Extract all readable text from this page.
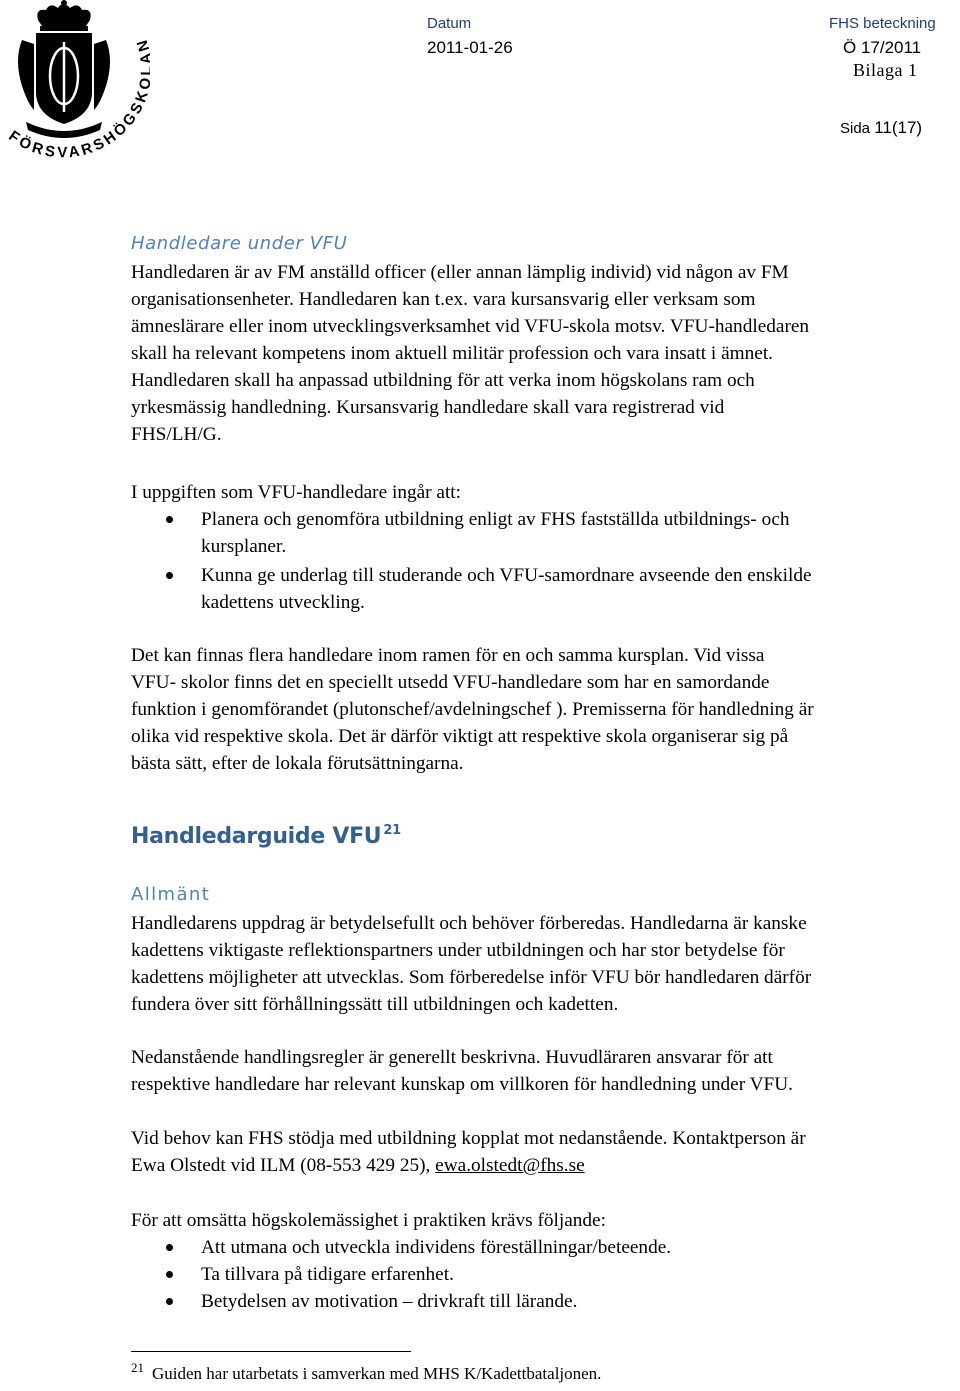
FÖRSVARSHÖGS
Datum
2011-01-26
FHS beteckning
Ö 17/2011
Bilaga 1
Sida 11(17)
Handledare under VFU
Handledaren är av FM anställd officer (eller annan lämplig individ) vid någon av FM
organisationsenheter. Handledaren kan t.ex. vara kursansvarig eller verksam som
ämneslärare eller inom utvecklingsverksamhet vid VFU-skola motsv. VFU-handledaren
skall ha relevant kompetens inom aktuell militär profession och vara insatt i ämnet.
Handledaren skall ha anpassad utbildning för att verka inom högskolans ram och
yrkesmässig handledning. Kursansvarig handledare skall vara registrerad vid
FHS/LH/G.
I uppgiften som VFU-handledare ingår att:
Planera och genomföra utbildning enligt av FHS fastställda utbildnings- och
kursplaner.
Kunna ge underlag till studerande och VFU-samordnare avseende den enskilde
kadettens utveckling.
Det kan finnas flera handledare inom ramen för en och samma kursplan. Vid vissa
VFU- skolor finns det en speciellt utsedd VFU-handledare som har en samordande
funktion i genomförandet (plutonschef/avdelningschef ). Premisserna för handledning är
olika vid respektive skola. Det är därför viktigt att respektive skola organiserar sig på
bästa sätt, efter de lokala förutsättningarna.
Handledarguide VFU $^{21}$
Allmänt
Handledarens uppdrag är betydelsefullt och behöver förberedas. Handledarna är kanske
kadettens viktigaste reflektionspartners under utbildningen och har stor betydelse för
kadettens möjligheter att utvecklas. Som förberedelse inför VFU bör handledaren därför
fundera över sitt förhållningssätt till utbildningen och kadetten.
Nedanstående handlingsregler är generellt beskrivna. Huvudläraren ansvarar för att
respektive handledare har relevant kunskap om villkoren för handledning under VFU.
Vid behov kan FHS stödja med utbildning kopplat mot nedanstående. Kontaktperson är
Ewa Olstedt vid ILM (08-553 429 25), ewa.olstedt@fhs.se
För att omsätta högskolemässighet i praktiken krävs följande:
Att utmana och utveckla individens föreställningar/beteende.
Ta tillvara på tidigare erfarenhet.
Betydelsen av motivation – drivkraft till lärande.
$^{21}$ Guiden har utarbetats i samverkan med MHS K/Kadettbataljonen.
